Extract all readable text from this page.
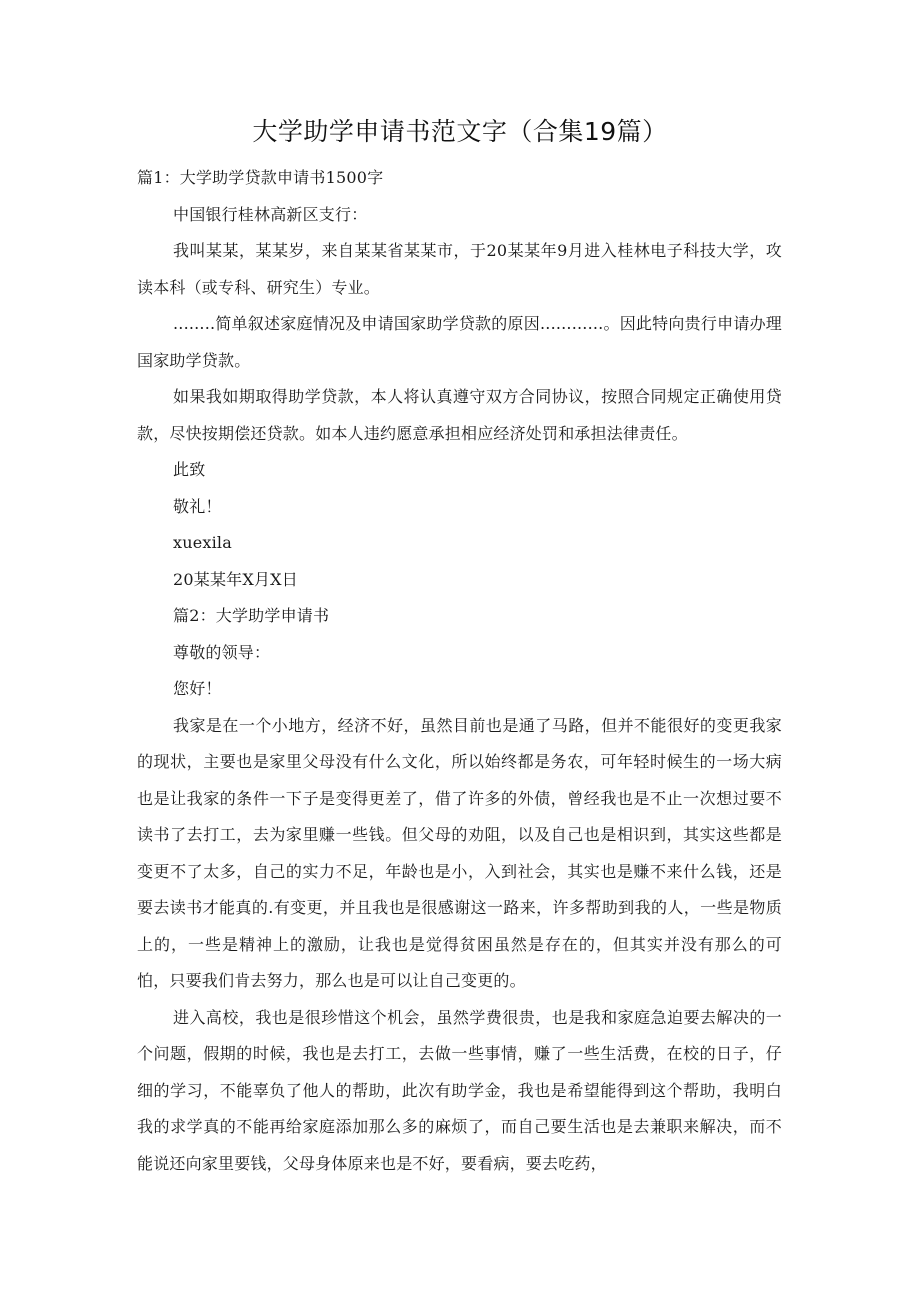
大学助学申请书范文字（合集19篇）

篇1：大学助学贷款申请书1500字

中国银行桂林高新区支行：

我叫某某，某某岁，来自某某省某某市，于20某某年9月进入桂林电子科技大学，攻读本科（或专科、研究生）专业。

........简单叙述家庭情况及申请国家助学贷款的原因............。因此特向贵行申请办理国家助学贷款。

如果我如期取得助学贷款，本人将认真遵守双方合同协议，按照合同规定正确使用贷款，尽快按期偿还贷款。如本人违约愿意承担相应经济处罚和承担法律责任。

此致

敬礼！

xuexila

20某某年X月X日

篇2：大学助学申请书

尊敬的领导：

您好！

我家是在一个小地方，经济不好，虽然目前也是通了马路，但并不能很好的变更我家的现状，主要也是家里父母没有什么文化，所以始终都是务农，可年轻时候生的一场大病也是让我家的条件一下子是变得更差了，借了许多的外债，曾经我也是不止一次想过要不读书了去打工，去为家里赚一些钱。但父母的劝阻，以及自己也是相识到，其实这些都是变更不了太多，自己的实力不足，年龄也是小，入到社会，其实也是赚不来什么钱，还是要去读书才能真的.有变更，并且我也是很感谢这一路来，许多帮助到我的人，一些是物质上的，一些是精神上的激励，让我也是觉得贫困虽然是存在的，但其实并没有那么的可怕，只要我们肯去努力，那么也是可以让自己变更的。

进入高校，我也是很珍惜这个机会，虽然学费很贵，也是我和家庭急迫要去解决的一个问题，假期的时候，我也是去打工，去做一些事情，赚了一些生活费，在校的日子，仔细的学习，不能辜负了他人的帮助，此次有助学金，我也是希望能得到这个帮助，我明白我的求学真的不能再给家庭添加那么多的麻烦了，而自己要生活也是去兼职来解决，而不能说还向家里要钱，父母身体原来也是不好，要看病，要去吃药，
